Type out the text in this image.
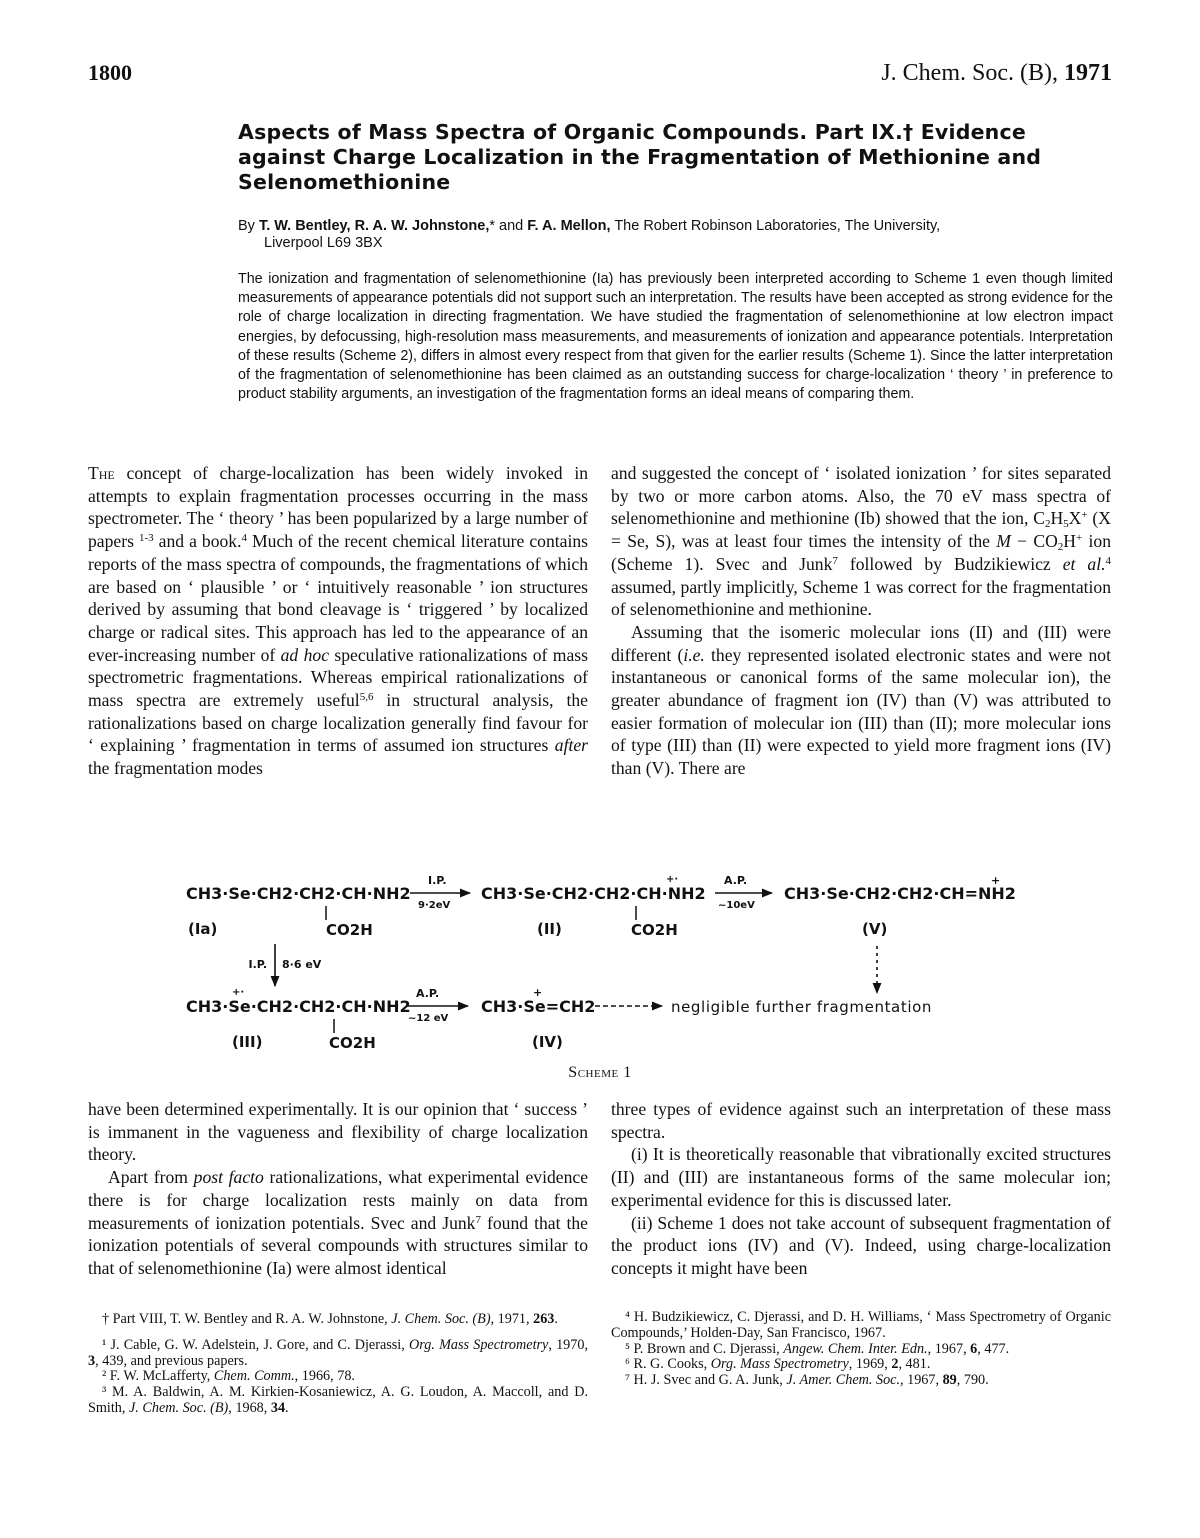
1800	J. Chem. Soc. (B), 1971
Aspects of Mass Spectra of Organic Compounds. Part IX.† Evidence against Charge Localization in the Fragmentation of Methionine and Selenomethionine
By T. W. Bentley, R. A. W. Johnstone,* and F. A. Mellon, The Robert Robinson Laboratories, The University,
Liverpool L69 3BX
The ionization and fragmentation of selenomethionine (Ia) has previously been interpreted according to Scheme 1 even though limited measurements of appearance potentials did not support such an interpretation. The results have been accepted as strong evidence for the role of charge localization in directing fragmentation. We have studied the fragmentation of selenomethionine at low electron impact energies, by defocussing, high-resolution mass measurements, and measurements of ionization and appearance potentials. Interpretation of these results (Scheme 2), differs in almost every respect from that given for the earlier results (Scheme 1). Since the latter interpretation of the fragmentation of selenomethionine has been claimed as an outstanding success for charge-localization ‘ theory ’ in preference to product stability arguments, an investigation of the fragmentation forms an ideal means of comparing them.

The concept of charge-localization has been widely invoked in attempts to explain fragmentation processes occurring in the mass spectrometer. The ‘ theory ’ has been popularized by a large number of papers $^{1-3}$ and a book.$^4$ Much of the recent chemical literature contains reports of the mass spectra of compounds, the fragmentations of which are based on ‘ plausible ’ or ‘ intuitively reasonable ’ ion structures derived by assuming that bond cleavage is ‘ triggered ’ by localized charge or radical sites. This approach has led to the appearance of an ever-increasing number of ad hoc speculative rationalizations of mass spectrometric fragmentations. Whereas empirical rationalizations of mass spectra are extremely useful$^{5,6}$ in structural analysis, the rationalizations based on charge localization generally find favour for ‘ explaining ’ fragmentation in terms of assumed ion structures after the fragmentation modes

and suggested the concept of ‘ isolated ionization ’ for sites separated by two or more carbon atoms. Also, the 70 eV mass spectra of selenomethionine and methionine (Ib) showed that the ion, $C_2H_5X^+$ (X = Se, S), was at least four times the intensity of the $M - CO_2H^+$ ion (Scheme 1). Svec and Junk$^7$ followed by Budzikiewicz et al.$^4$ assumed, partly implicitly, Scheme 1 was correct for the fragmentation of selenomethionine and methionine.

Assuming that the isomeric molecular ions (II) and (III) were different (i.e. they represented isolated electronic states and were not instantaneous or canonical forms of the same molecular ion), the greater abundance of fragment ion (IV) than (V) was attributed to easier formation of molecular ion (III) than (II); more molecular ions of type (III) than (II) were expected to yield more fragment ions (IV) than (V). There are

CH3·Se·CH2·CH2·CH·NH2
(Ia)	CO2H
I.P.
9·2eV
CH3·Se·CH2·CH2·CH·NH2
+·
(II)	CO2H
A.P.
~10eV
CH3·Se·CH2·CH2·CH=NH2
+
(V)
I.P. 8·6 eV
+·
CH3·Se·CH2·CH2·CH·NH2
(III)	CO2H
A.P.
~12 eV
CH3·Se=CH2
+
negligible further fragmentation
(IV)
Scheme 1

have been determined experimentally. It is our opinion that ‘ success ’ is immanent in the vagueness and flexibility of charge localization theory.

Apart from post facto rationalizations, what experimental evidence there is for charge localization rests mainly on data from measurements of ionization potentials. Svec and Junk$^7$ found that the ionization potentials of several compounds with structures similar to that of selenomethionine (Ia) were almost identical

three types of evidence against such an interpretation of these mass spectra.

(i) It is theoretically reasonable that vibrationally excited structures (II) and (III) are instantaneous forms of the same molecular ion; experimental evidence for this is discussed later.

(ii) Scheme 1 does not take account of subsequent fragmentation of the product ions (IV) and (V). Indeed, using charge-localization concepts it might have been

† Part VIII, T. W. Bentley and R. A. W. Johnstone, J. Chem. Soc. (B), 1971, 263.

¹ J. Cable, G. W. Adelstein, J. Gore, and C. Djerassi, Org. Mass Spectrometry, 1970, 3, 439, and previous papers.

² F. W. McLafferty, Chem. Comm., 1966, 78.

³ M. A. Baldwin, A. M. Kirkien-Kosaniewicz, A. G. Loudon, A. Maccoll, and D. Smith, J. Chem. Soc. (B), 1968, 34.

⁴ H. Budzikiewicz, C. Djerassi, and D. H. Williams, ‘ Mass Spectrometry of Organic Compounds,’ Holden-Day, San Francisco, 1967.

⁵ P. Brown and C. Djerassi, Angew. Chem. Inter. Edn., 1967, 6, 477.

⁶ R. G. Cooks, Org. Mass Spectrometry, 1969, 2, 481.

⁷ H. J. Svec and G. A. Junk, J. Amer. Chem. Soc., 1967, 89, 790.
